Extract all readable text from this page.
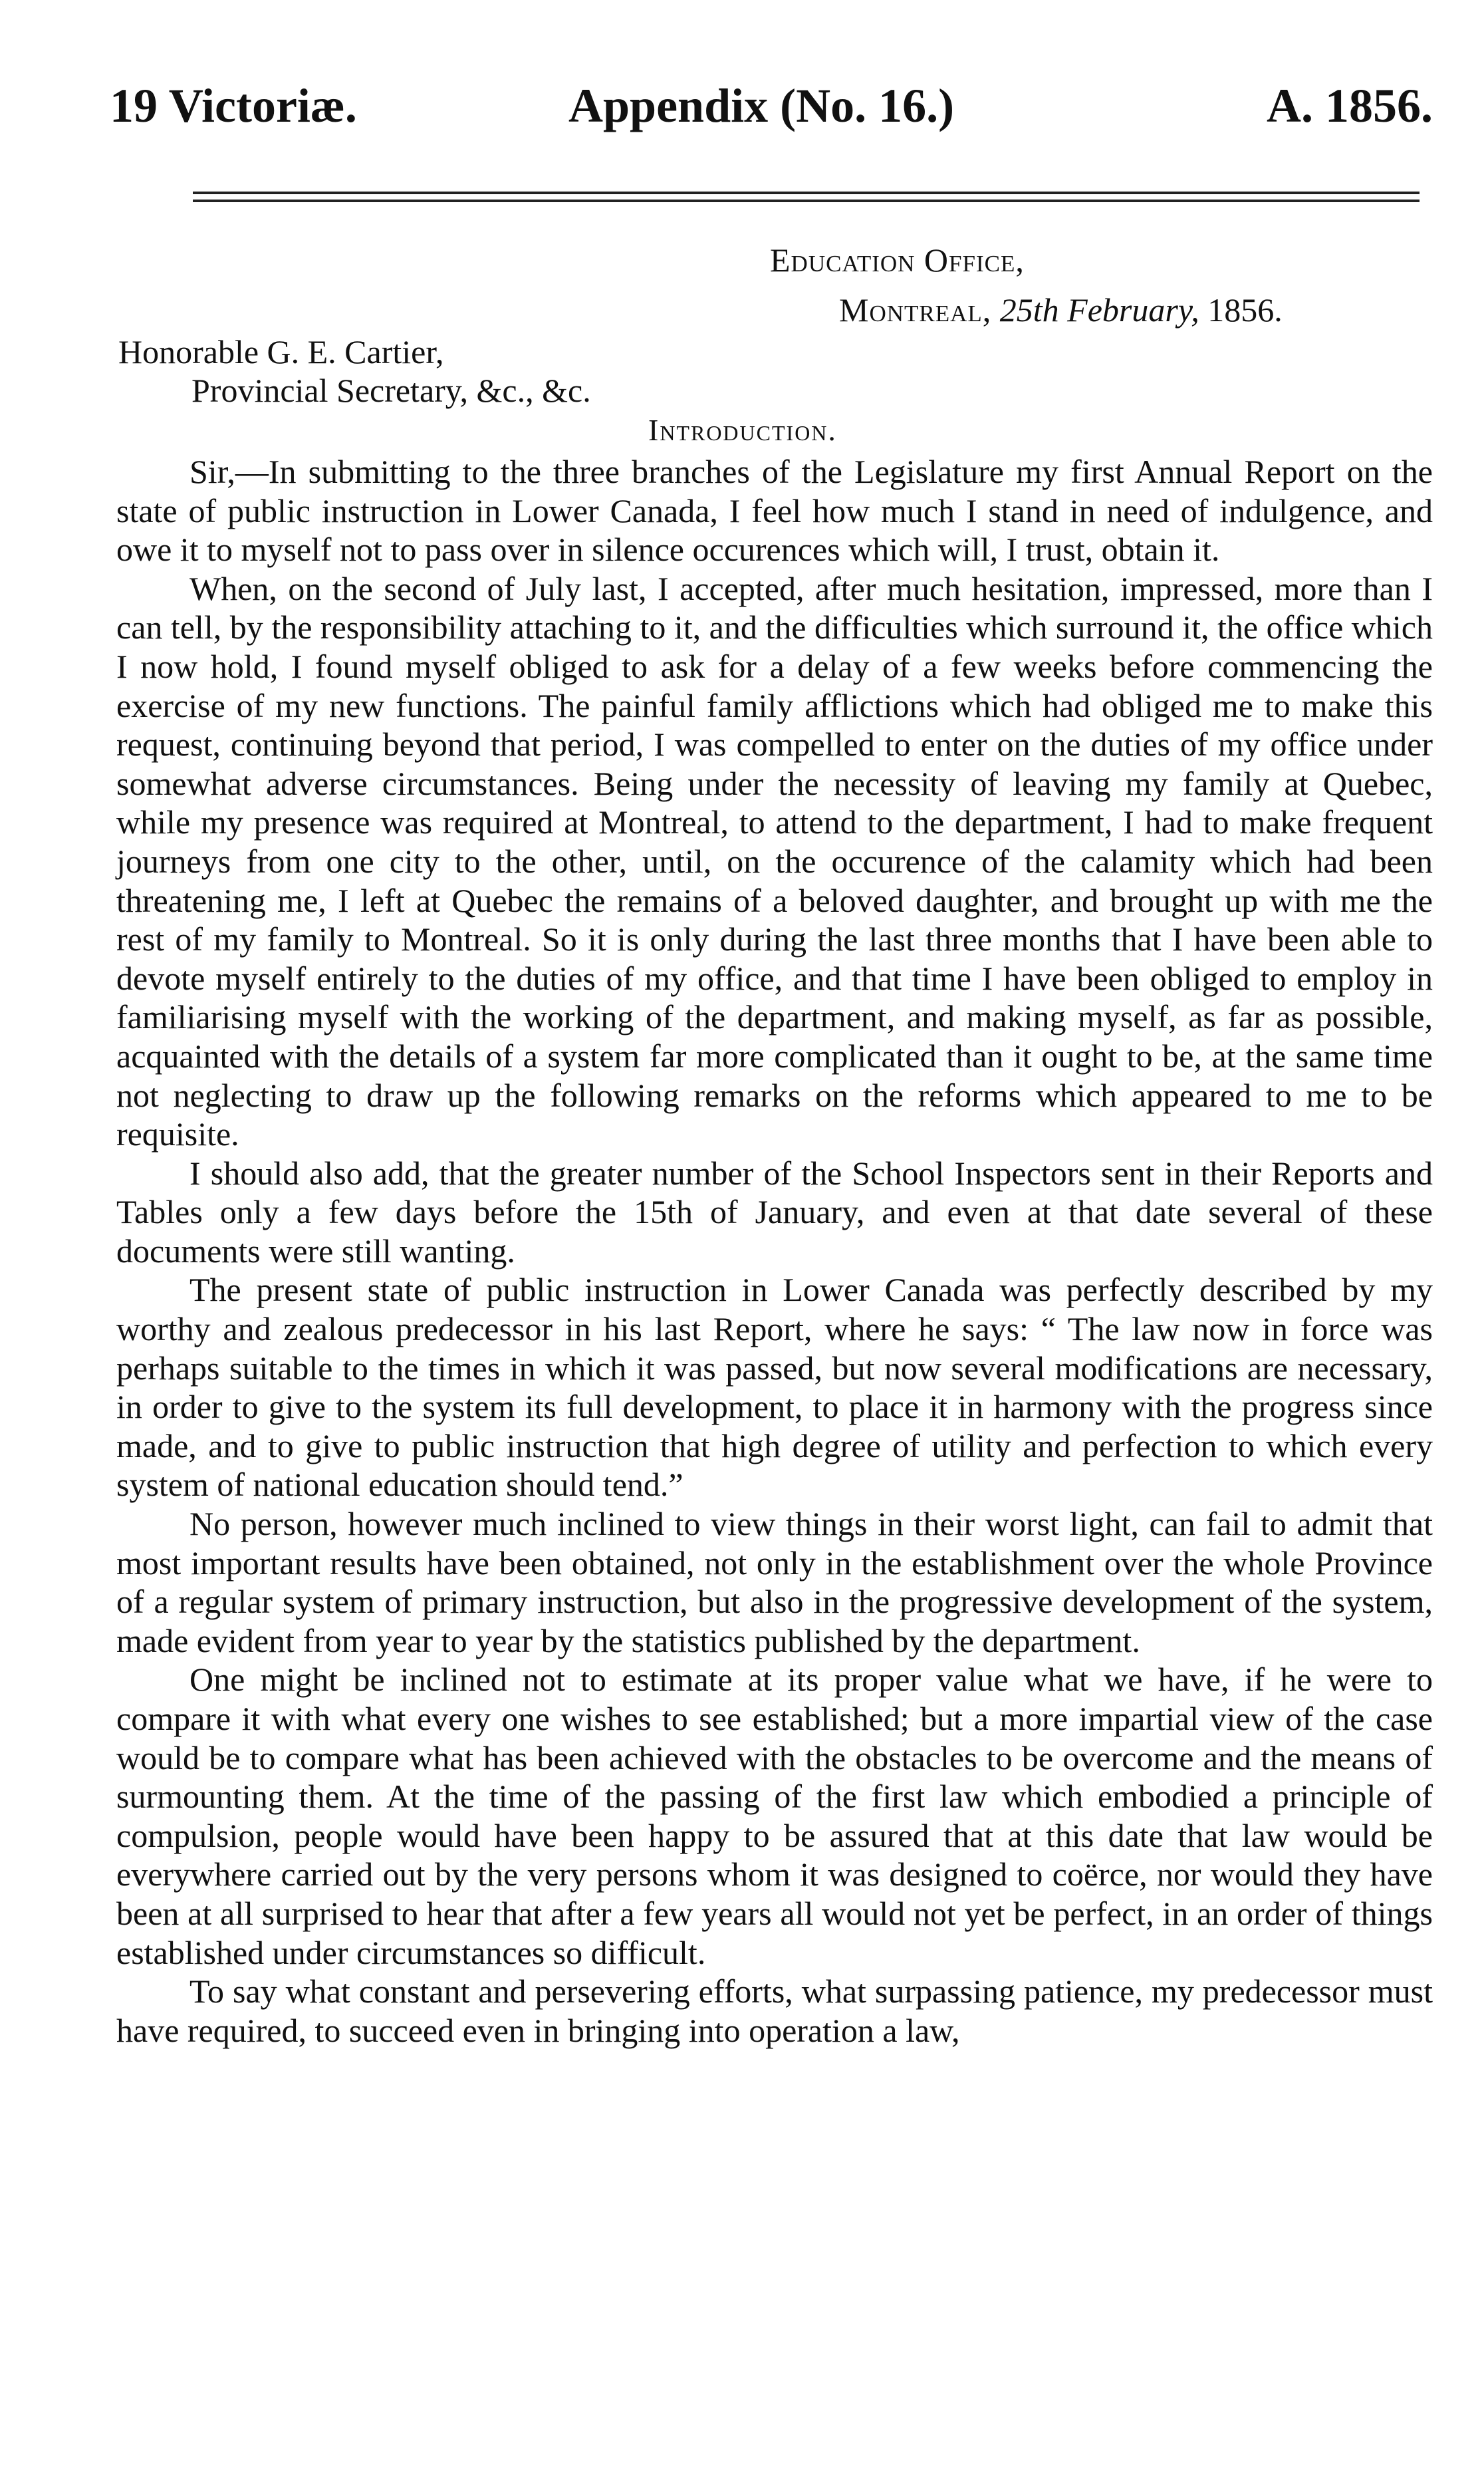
19 Victoriæ.	Appendix (No. 16.)	A. 1856.
Education Office,
Montreal, 25th February, 1856.
Honorable G. E. Cartier,
Provincial Secretary, &c., &c.
Introduction.

Sir,—In submitting to the three branches of the Legislature my first Annual Report on the state of public instruction in Lower Canada, I feel how much I stand in need of indulgence, and owe it to myself not to pass over in silence occurences which will, I trust, obtain it.

When, on the second of July last, I accepted, after much hesitation, impressed, more than I can tell, by the responsibility attaching to it, and the difficulties which surround it, the office which I now hold, I found myself obliged to ask for a delay of a few weeks before commencing the exercise of my new functions. The painful family afflictions which had obliged me to make this request, continuing beyond that period, I was compelled to enter on the duties of my office under somewhat adverse circumstances. Being under the necessity of leaving my family at Quebec, while my presence was required at Montreal, to attend to the department, I had to make frequent journeys from one city to the other, until, on the occurence of the calamity which had been threatening me, I left at Quebec the remains of a beloved daughter, and brought up with me the rest of my family to Montreal. So it is only during the last three months that I have been able to devote myself entirely to the duties of my office, and that time I have been obliged to employ in familiarising myself with the working of the department, and making myself, as far as possible, acquainted with the details of a system far more complicated than it ought to be, at the same time not neglecting to draw up the following remarks on the reforms which appeared to me to be requisite.

I should also add, that the greater number of the School Inspectors sent in their Reports and Tables only a few days before the 15th of January, and even at that date several of these documents were still wanting.

The present state of public instruction in Lower Canada was perfectly described by my worthy and zealous predecessor in his last Report, where he says: “ The law now in force was perhaps suitable to the times in which it was passed, but now several modifications are necessary, in order to give to the system its full development, to place it in harmony with the progress since made, and to give to public instruction that high degree of utility and perfection to which every system of national education should tend.”

No person, however much inclined to view things in their worst light, can fail to admit that most important results have been obtained, not only in the establishment over the whole Province of a regular system of primary instruction, but also in the progressive development of the system, made evident from year to year by the statistics published by the department.

One might be inclined not to estimate at its proper value what we have, if he were to compare it with what every one wishes to see established; but a more impartial view of the case would be to compare what has been achieved with the obstacles to be overcome and the means of surmounting them. At the time of the passing of the first law which embodied a principle of compulsion, people would have been happy to be assured that at this date that law would be everywhere carried out by the very persons whom it was designed to coërce, nor would they have been at all surprised to hear that after a few years all would not yet be perfect, in an order of things established under circumstances so difficult.

To say what constant and persevering efforts, what surpassing patience, my predecessor must have required, to succeed even in bringing into operation a law,
